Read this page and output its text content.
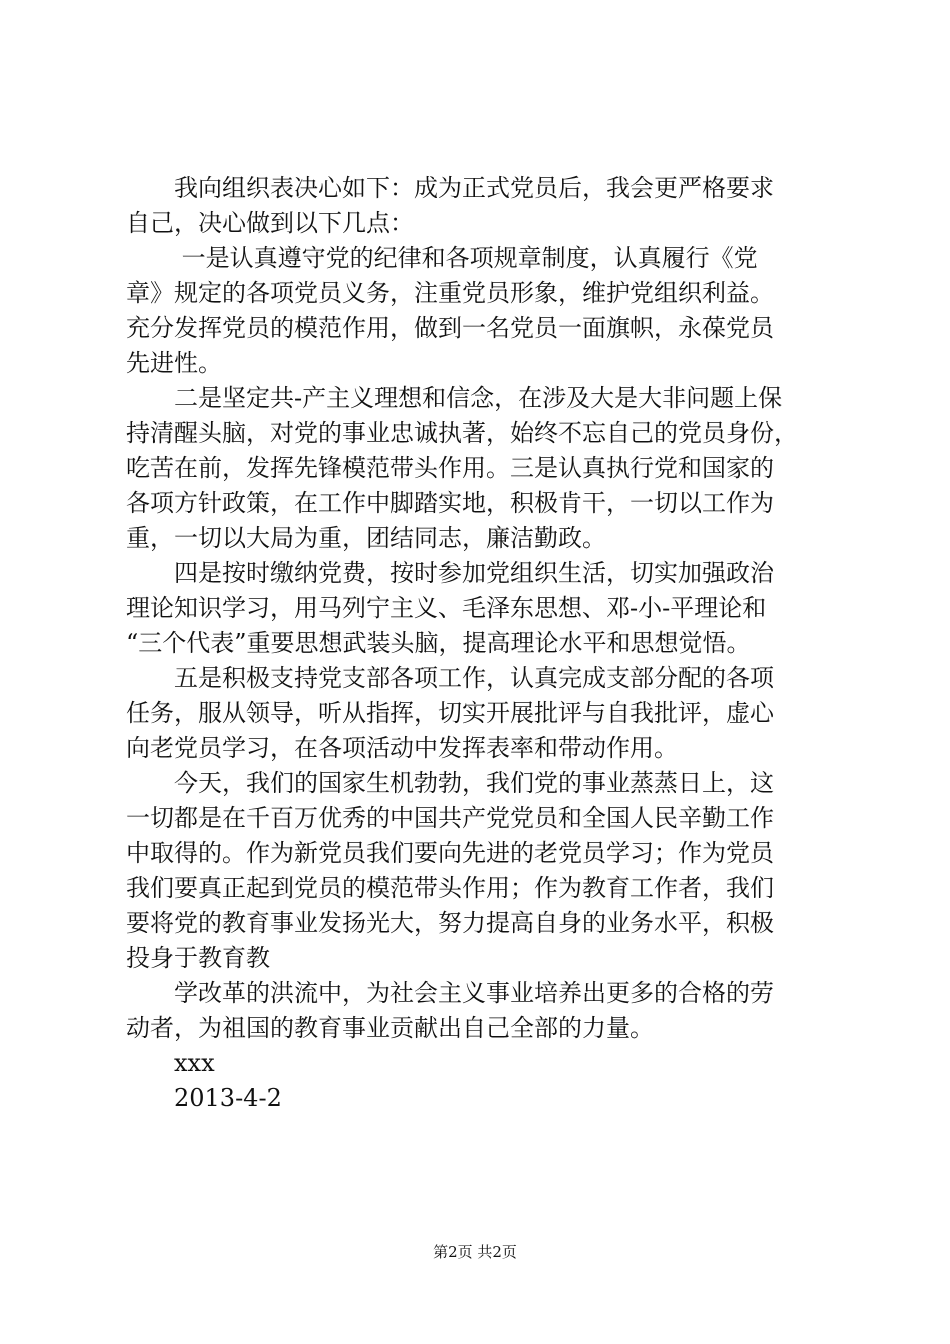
　　我向组织表决心如下：成为正式党员后，我会更严格要求
自己，决心做到以下几点：
　　 一是认真遵守党的纪律和各项规章制度，认真履行《党
章》规定的各项党员义务，注重党员形象，维护党组织利益。
充分发挥党员的模范作用，做到一名党员一面旗帜，永葆党员
先进性。
　　二是坚定共-产主义理想和信念，在涉及大是大非问题上保
持清醒头脑，对党的事业忠诚执著，始终不忘自己的党员身份，
吃苦在前，发挥先锋模范带头作用。三是认真执行党和国家的
各项方针政策，在工作中脚踏实地，积极肯干，一切以工作为
重，一切以大局为重，团结同志，廉洁勤政。
　　四是按时缴纳党费，按时参加党组织生活，切实加强政治
理论知识学习，用马列宁主义、毛泽东思想、邓-小-平理论和
“三个代表”重要思想武装头脑，提高理论水平和思想觉悟。
　　五是积极支持党支部各项工作，认真完成支部分配的各项
任务，服从领导，听从指挥，切实开展批评与自我批评，虚心
向老党员学习，在各项活动中发挥表率和带动作用。
　　今天，我们的国家生机勃勃，我们党的事业蒸蒸日上，这
一切都是在千百万优秀的中国共产党党员和全国人民辛勤工作
中取得的。作为新党员我们要向先进的老党员学习；作为党员
我们要真正起到党员的模范带头作用；作为教育工作者，我们
要将党的教育事业发扬光大，努力提高自身的业务水平，积极
投身于教育教
　　学改革的洪流中，为社会主义事业培养出更多的合格的劳
动者，为祖国的教育事业贡献出自己全部的力量。
　　xxx
　　2013-4-2
第2页 共2页
